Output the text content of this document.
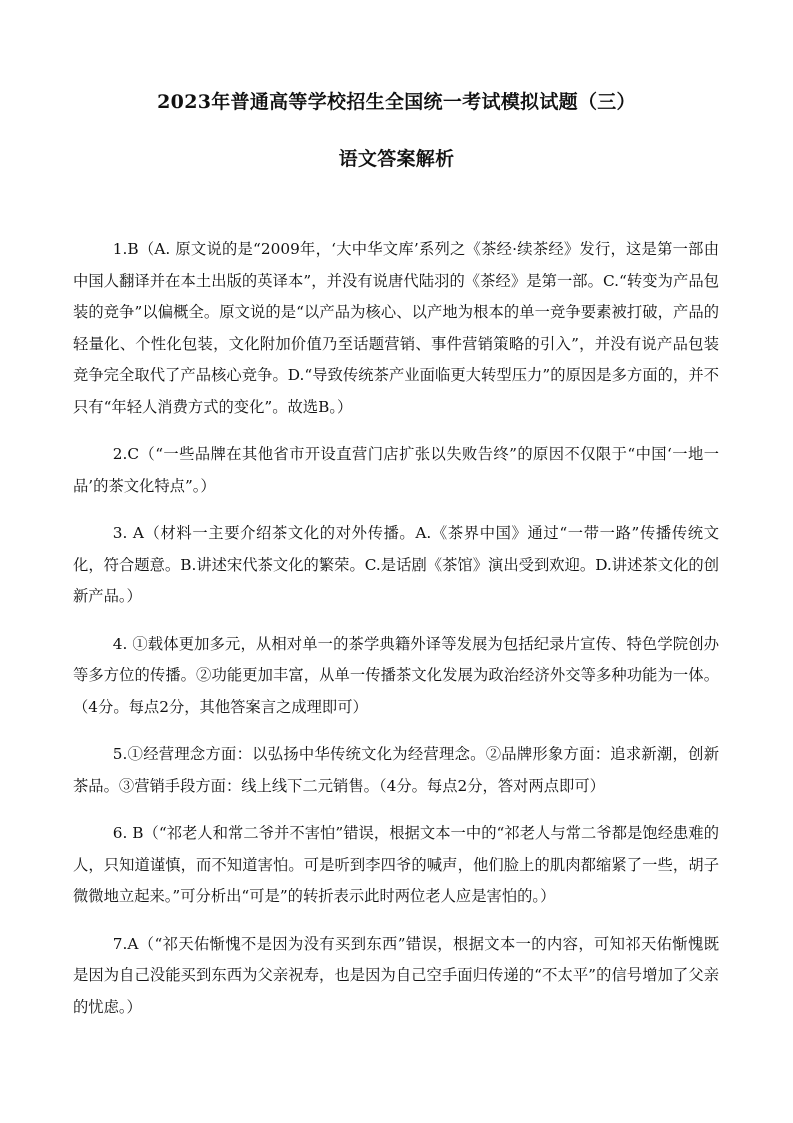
2023年普通高等学校招生全国统一考试模拟试题（三）
语文答案解析

1.B（A. 原文说的是“2009年，‘大中华文库’系列之《茶经·续茶经》发行，这是第一部由中国人翻译并在本土出版的英译本”，并没有说唐代陆羽的《茶经》是第一部。C.“转变为产品包装的竞争”以偏概全。原文说的是“以产品为核心、以产地为根本的单一竞争要素被打破，产品的轻量化、个性化包装，文化附加价值乃至话题营销、事件营销策略的引入”，并没有说产品包装竞争完全取代了产品核心竞争。D.“导致传统茶产业面临更大转型压力”的原因是多方面的，并不只有“年轻人消费方式的变化”。故选B。）

2.C（“一些品牌在其他省市开设直营门店扩张以失败告终”的原因不仅限于“中国‘一地一品’的茶文化特点”。）

3. A（材料一主要介绍茶文化的对外传播。A.《茶界中国》通过“一带一路”传播传统文化，符合题意。B.讲述宋代茶文化的繁荣。C.是话剧《茶馆》演出受到欢迎。D.讲述茶文化的创新产品。）

4. ①载体更加多元，从相对单一的茶学典籍外译等发展为包括纪录片宣传、特色学院创办等多方位的传播。②功能更加丰富，从单一传播茶文化发展为政治经济外交等多种功能为一体。（4分。每点2分，其他答案言之成理即可）

5.①经营理念方面：以弘扬中华传统文化为经营理念。②品牌形象方面：追求新潮，创新茶品。③营销手段方面：线上线下二元销售。（4分。每点2分，答对两点即可）

6. B（“祁老人和常二爷并不害怕”错误，根据文本一中的“祁老人与常二爷都是饱经患难的人，只知道谨慎，而不知道害怕。可是听到李四爷的喊声，他们脸上的肌肉都缩紧了一些，胡子微微地立起来。”可分析出“可是”的转折表示此时两位老人应是害怕的。）

7.A（“祁天佑惭愧不是因为没有买到东西”错误，根据文本一的内容，可知祁天佑惭愧既是因为自己没能买到东西为父亲祝寿，也是因为自己空手面归传递的“不太平”的信号增加了父亲的忧虑。）
